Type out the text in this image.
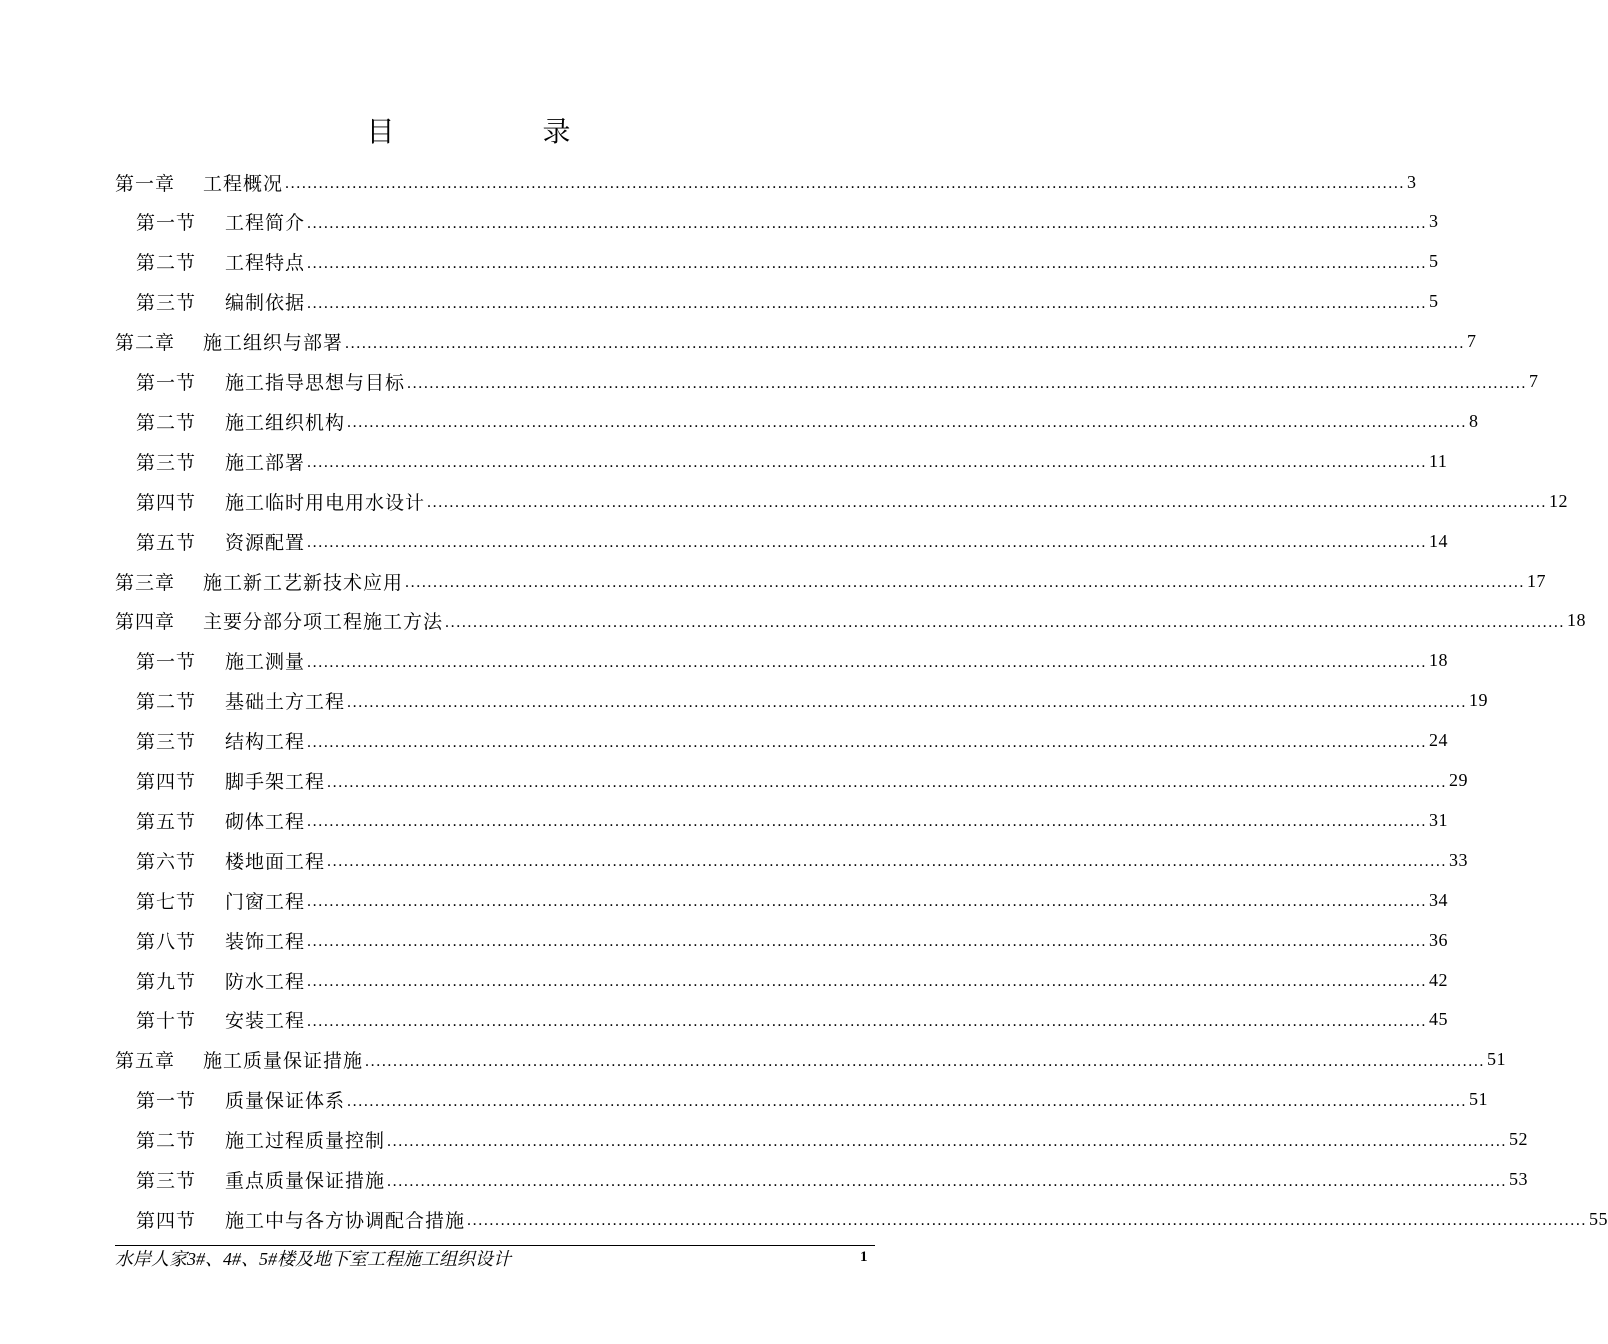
目　录
第一章	工程概况 ........................................................................................................................................................................................................ 3
第一节	工程简介 ........................................................................................................................................................................................................ 3
第二节	工程特点 ........................................................................................................................................................................................................ 5
第三节	编制依据 ........................................................................................................................................................................................................ 5
第二章	施工组织与部署 ........................................................................................................................................................................................................ 7
第一节	施工指导思想与目标 ........................................................................................................................................................................................................ 7
第二节	施工组织机构 ........................................................................................................................................................................................................ 8
第三节	施工部署 ........................................................................................................................................................................................................ 11
第四节	施工临时用电用水设计 ........................................................................................................................................................................................................ 12
第五节	资源配置 ........................................................................................................................................................................................................ 14
第三章	施工新工艺新技术应用 ........................................................................................................................................................................................................ 17
第四章	主要分部分项工程施工方法 ........................................................................................................................................................................................................ 18
第一节	施工测量 ........................................................................................................................................................................................................ 18
第二节	基础土方工程 ........................................................................................................................................................................................................ 19
第三节	结构工程 ........................................................................................................................................................................................................ 24
第四节	脚手架工程 ........................................................................................................................................................................................................ 29
第五节	砌体工程 ........................................................................................................................................................................................................ 31
第六节	楼地面工程 ........................................................................................................................................................................................................ 33
第七节	门窗工程 ........................................................................................................................................................................................................ 34
第八节	装饰工程 ........................................................................................................................................................................................................ 36
第九节	防水工程 ........................................................................................................................................................................................................ 42
第十节	安装工程 ........................................................................................................................................................................................................ 45
第五章	施工质量保证措施 ........................................................................................................................................................................................................ 51
第一节	质量保证体系 ........................................................................................................................................................................................................ 51
第二节	施工过程质量控制 ........................................................................................................................................................................................................ 52
第三节	重点质量保证措施 ........................................................................................................................................................................................................ 53
第四节	施工中与各方协调配合措施 ........................................................................................................................................................................................................ 55
水岸人家3#、4#、5#楼及地下室工程施工组织设计	1
